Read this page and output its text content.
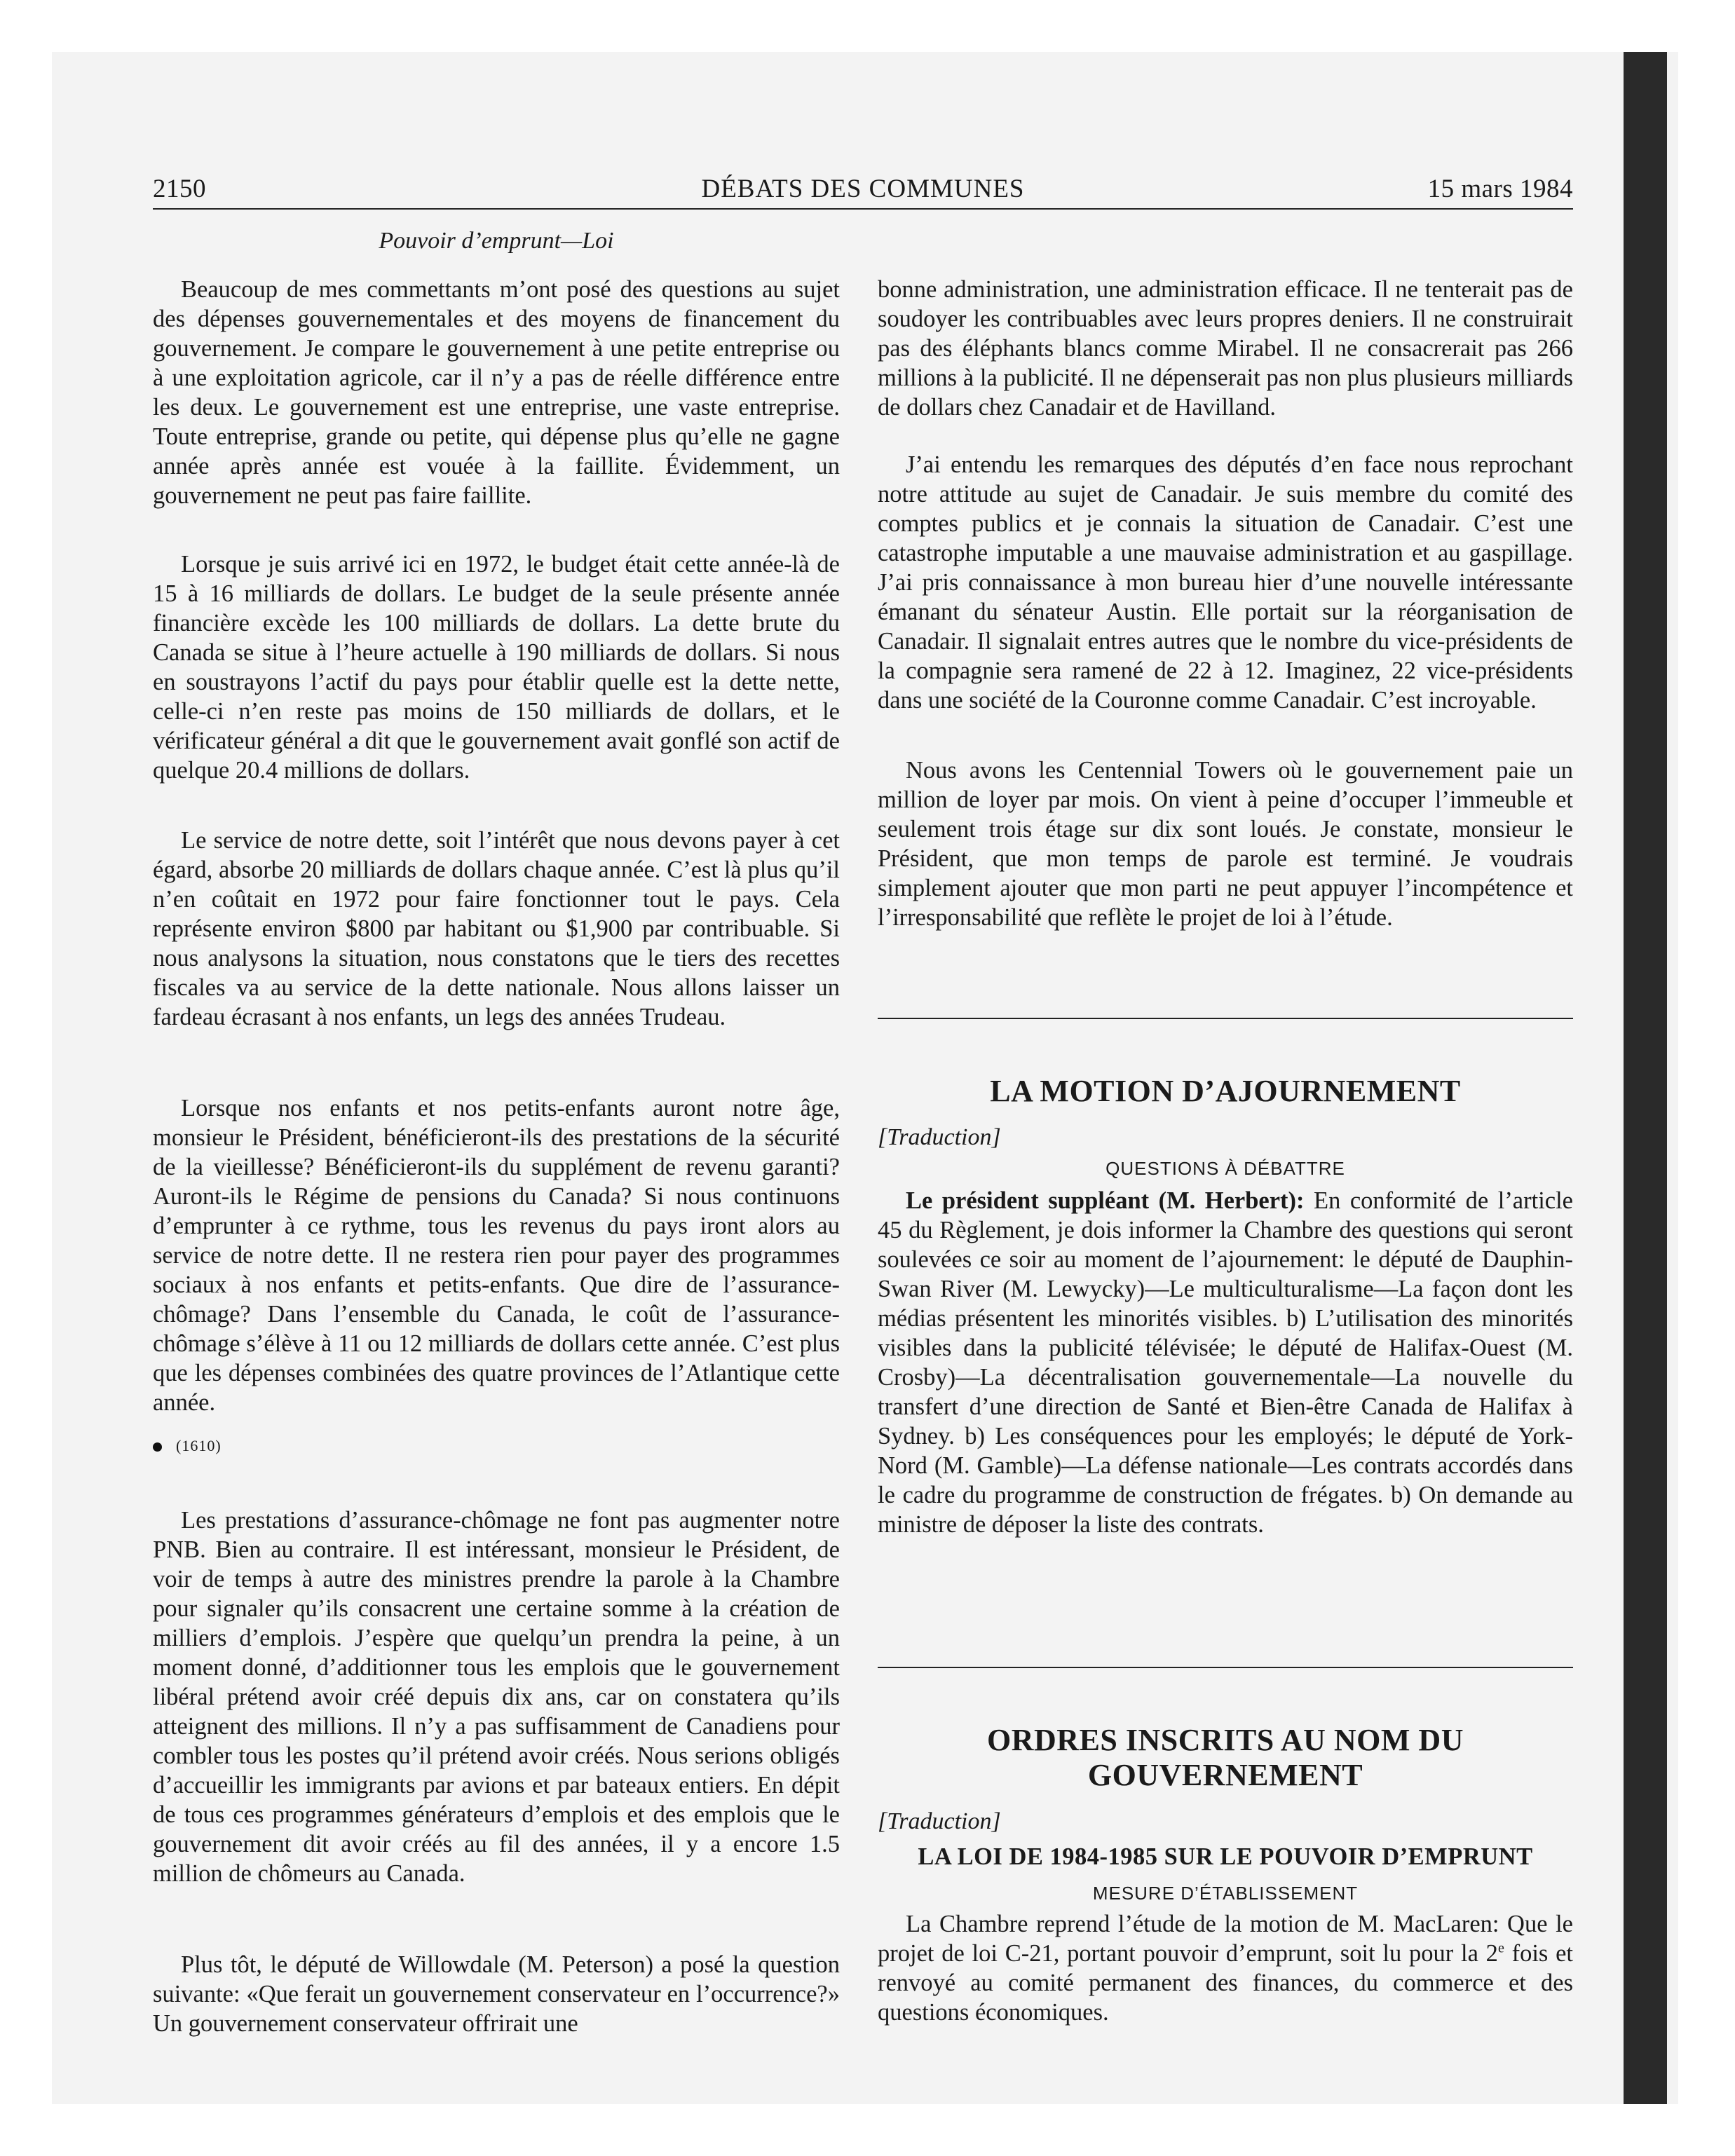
2150	DÉBATS DES COMMUNES	15 mars 1984
Pouvoir d’emprunt—Loi

Beaucoup de mes commettants m’ont posé des questions au sujet des dépenses gouvernementales et des moyens de financement du gouvernement. Je compare le gouvernement à une petite entreprise ou à une exploitation agricole, car il n’y a pas de réelle différence entre les deux. Le gouvernement est une entreprise, une vaste entreprise. Toute entreprise, grande ou petite, qui dépense plus qu’elle ne gagne année après année est vouée à la faillite. Évidemment, un gouvernement ne peut pas faire faillite.

Lorsque je suis arrivé ici en 1972, le budget était cette année-là de 15 à 16 milliards de dollars. Le budget de la seule présente année financière excède les 100 milliards de dollars. La dette brute du Canada se situe à l’heure actuelle à 190 milliards de dollars. Si nous en soustrayons l’actif du pays pour établir quelle est la dette nette, celle-ci n’en reste pas moins de 150 milliards de dollars, et le vérificateur général a dit que le gouvernement avait gonflé son actif de quelque 20.4 millions de dollars.

Le service de notre dette, soit l’intérêt que nous devons payer à cet égard, absorbe 20 milliards de dollars chaque année. C’est là plus qu’il n’en coûtait en 1972 pour faire fonctionner tout le pays. Cela représente environ $800 par habitant ou $1,900 par contribuable. Si nous analysons la situation, nous constatons que le tiers des recettes fiscales va au service de la dette nationale. Nous allons laisser un fardeau écrasant à nos enfants, un legs des années Trudeau.

Lorsque nos enfants et nos petits-enfants auront notre âge, monsieur le Président, bénéficieront-ils des prestations de la sécurité de la vieillesse? Bénéficieront-ils du supplément de revenu garanti? Auront-ils le Régime de pensions du Canada? Si nous continuons d’emprunter à ce rythme, tous les revenus du pays iront alors au service de notre dette. Il ne restera rien pour payer des programmes sociaux à nos enfants et petits-enfants. Que dire de l’assurance-chômage? Dans l’ensemble du Canada, le coût de l’assurance-chômage s’élève à 11 ou 12 milliards de dollars cette année. C’est plus que les dépenses combinées des quatre provinces de l’Atlantique cette année.

(1610)

Les prestations d’assurance-chômage ne font pas augmenter notre PNB. Bien au contraire. Il est intéressant, monsieur le Président, de voir de temps à autre des ministres prendre la parole à la Chambre pour signaler qu’ils consacrent une certaine somme à la création de milliers d’emplois. J’espère que quelqu’un prendra la peine, à un moment donné, d’additionner tous les emplois que le gouvernement libéral prétend avoir créé depuis dix ans, car on constatera qu’ils atteignent des millions. Il n’y a pas suffisamment de Canadiens pour combler tous les postes qu’il prétend avoir créés. Nous serions obligés d’accueillir les immigrants par avions et par bateaux entiers. En dépit de tous ces programmes générateurs d’emplois et des emplois que le gouvernement dit avoir créés au fil des années, il y a encore 1.5 million de chômeurs au Canada.

Plus tôt, le député de Willowdale (M. Peterson) a posé la question suivante: «Que ferait un gouvernement conservateur en l’occurrence?» Un gouvernement conservateur offrirait une

bonne administration, une administration efficace. Il ne tenterait pas de soudoyer les contribuables avec leurs propres deniers. Il ne construirait pas des éléphants blancs comme Mirabel. Il ne consacrerait pas 266 millions à la publicité. Il ne dépenserait pas non plus plusieurs milliards de dollars chez Canadair et de Havilland.

J’ai entendu les remarques des députés d’en face nous reprochant notre attitude au sujet de Canadair. Je suis membre du comité des comptes publics et je connais la situation de Canadair. C’est une catastrophe imputable a une mauvaise administration et au gaspillage. J’ai pris connaissance à mon bureau hier d’une nouvelle intéressante émanant du sénateur Austin. Elle portait sur la réorganisation de Canadair. Il signalait entres autres que le nombre du vice-présidents de la compagnie sera ramené de 22 à 12. Imaginez, 22 vice-présidents dans une société de la Couronne comme Canadair. C’est incroyable.

Nous avons les Centennial Towers où le gouvernement paie un million de loyer par mois. On vient à peine d’occuper l’immeuble et seulement trois étage sur dix sont loués. Je constate, monsieur le Président, que mon temps de parole est terminé. Je voudrais simplement ajouter que mon parti ne peut appuyer l’incompétence et l’irresponsabilité que reflète le projet de loi à l’étude.

LA MOTION D’AJOURNEMENT
[Traduction]
QUESTIONS À DÉBATTRE

Le président suppléant (M. Herbert): En conformité de l’article 45 du Règlement, je dois informer la Chambre des questions qui seront soulevées ce soir au moment de l’ajournement: le député de Dauphin-Swan River (M. Lewycky)—Le multiculturalisme—La façon dont les médias présentent les minorités visibles. b) L’utilisation des minorités visibles dans la publicité télévisée; le député de Halifax-Ouest (M. Crosby)—La décentralisation gouvernementale—La nouvelle du transfert d’une direction de Santé et Bien-être Canada de Halifax à Sydney. b) Les conséquences pour les employés; le député de York-Nord (M. Gamble)—La défense nationale—Les contrats accordés dans le cadre du programme de construction de frégates. b) On demande au ministre de déposer la liste des contrats.

ORDRES INSCRITS AU NOM DU
GOUVERNEMENT
[Traduction]
LA LOI DE 1984-1985 SUR LE POUVOIR D’EMPRUNT
MESURE D’ÉTABLISSEMENT

La Chambre reprend l’étude de la motion de M. MacLaren: Que le projet de loi C-21, portant pouvoir d’emprunt, soit lu pour la 2e fois et renvoyé au comité permanent des finances, du commerce et des questions économiques.
